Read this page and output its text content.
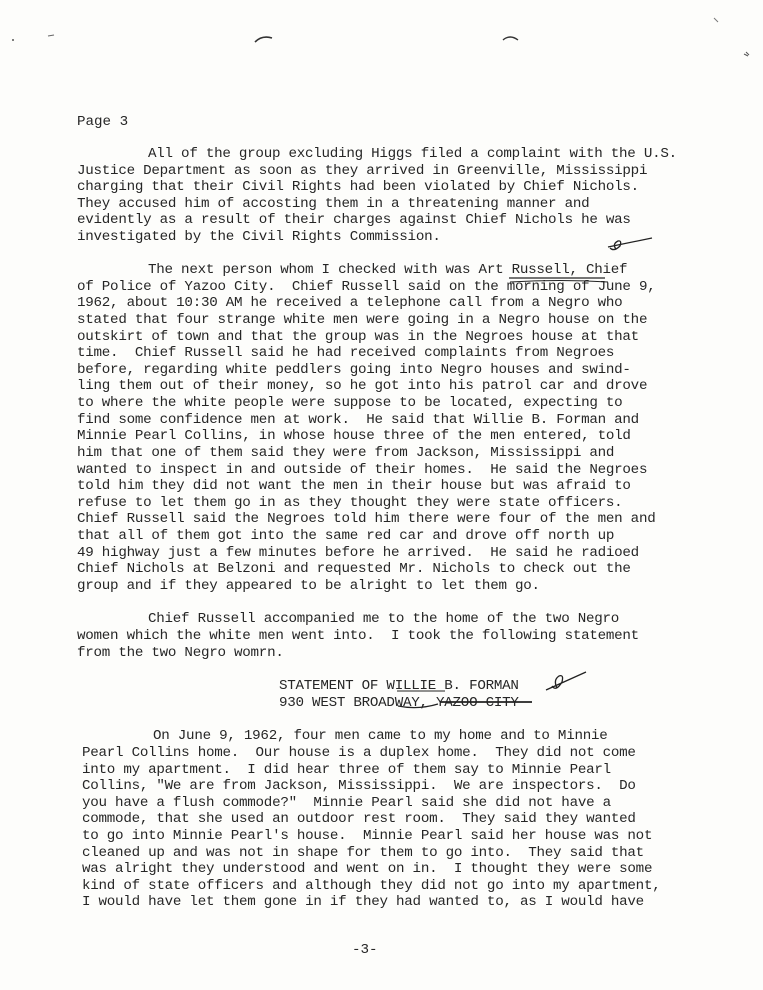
Page 3
All of the group excluding Higgs filed a complaint with the U.S.
Justice Department as soon as they arrived in Greenville, Mississippi
charging that their Civil Rights had been violated by Chief Nichols.
They accused him of accosting them in a threatening manner and
evidently as a result of their charges against Chief Nichols he was
investigated by the Civil Rights Commission.
The next person whom I checked with was Art Russell, Chief
of Police of Yazoo City.  Chief Russell said on the morning of June 9,
1962, about 10:30 AM he received a telephone call from a Negro who
stated that four strange white men were going in a Negro house on the
outskirt of town and that the group was in the Negroes house at that
time.  Chief Russell said he had received complaints from Negroes
before, regarding white peddlers going into Negro houses and swind-
ling them out of their money, so he got into his patrol car and drove
to where the white people were suppose to be located, expecting to
find some confidence men at work.  He said that Willie B. Forman and
Minnie Pearl Collins, in whose house three of the men entered, told
him that one of them said they were from Jackson, Mississippi and
wanted to inspect in and outside of their homes.  He said the Negroes
told him they did not want the men in their house but was afraid to
refuse to let them go in as they thought they were state officers.
Chief Russell said the Negroes told him there were four of the men and
that all of them got into the same red car and drove off north up
49 highway just a few minutes before he arrived.  He said he radioed
Chief Nichols at Belzoni and requested Mr. Nichols to check out the
group and if they appeared to be alright to let them go.
Chief Russell accompanied me to the home of the two Negro
women which the white men went into.  I took the following statement
from the two Negro womrn.
STATEMENT OF WILLIE B. FORMAN
930 WEST BROADWAY, YAZOO CITY
On June 9, 1962, four men came to my home and to Minnie
Pearl Collins home.  Our house is a duplex home.  They did not come
into my apartment.  I did hear three of them say to Minnie Pearl
Collins, "We are from Jackson, Mississippi.  We are inspectors.  Do
you have a flush commode?"  Minnie Pearl said she did not have a
commode, that she used an outdoor rest room.  They said they wanted
to go into Minnie Pearl's house.  Minnie Pearl said her house was not
cleaned up and was not in shape for them to go into.  They said that
was alright they understood and went on in.  I thought they were some
kind of state officers and although they did not go into my apartment,
I would have let them gone in if they had wanted to, as I would have
-3-
